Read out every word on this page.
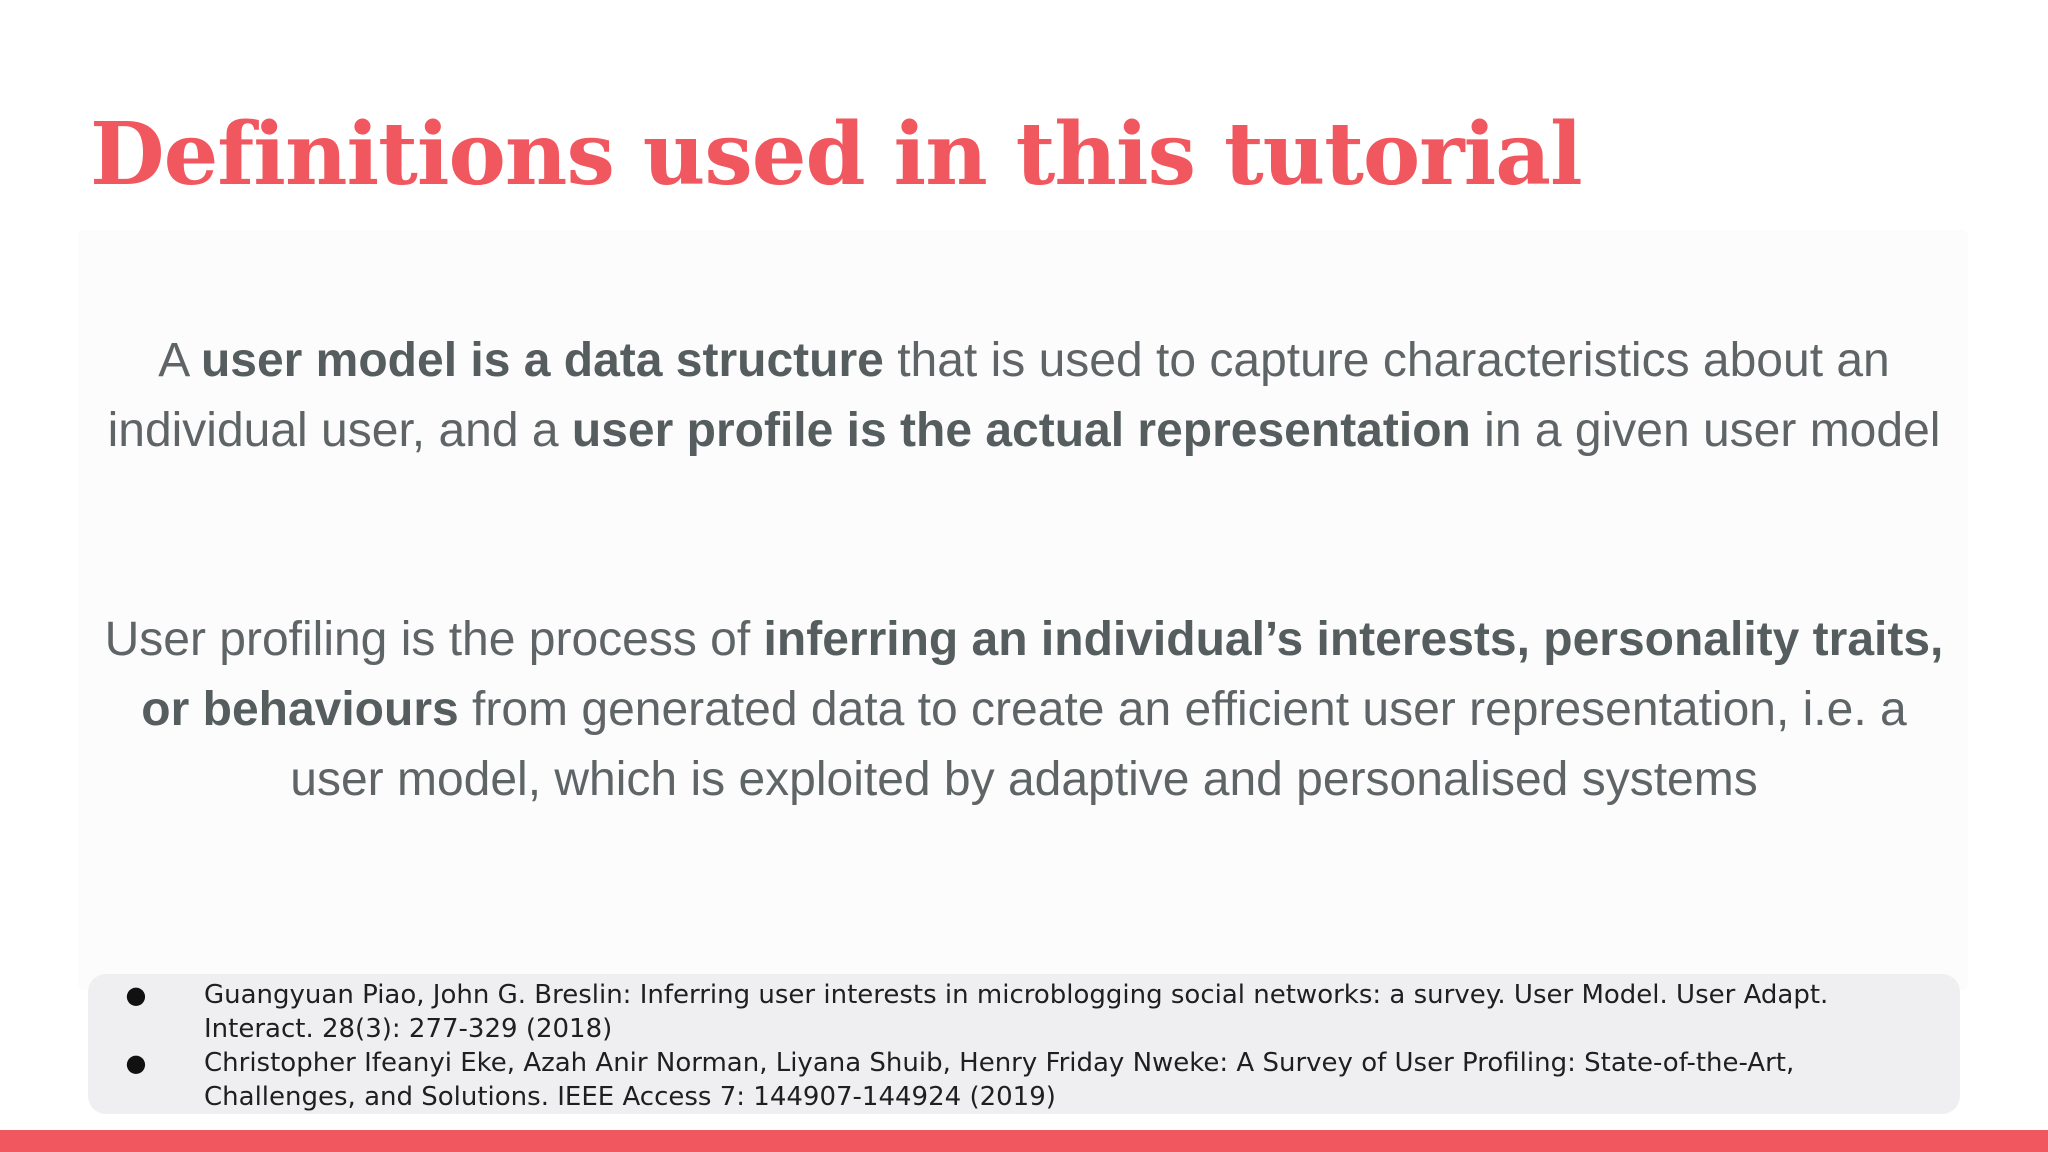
Definitions used in this tutorial

A user model is a data structure that is used to capture characteristics about an individual user, and a user profile is the actual representation in a given user model

User profiling is the process of inferring an individual’s interests, personality traits, or behaviours from generated data to create an efficient user representation, i.e. a user model, which is exploited by adaptive and personalised systems

●	Guangyuan Piao, John G. Breslin: Inferring user interests in microblogging social networks: a survey. User Model. User Adapt. Interact. 28(3): 277-329 (2018)
●	Christopher Ifeanyi Eke, Azah Anir Norman, Liyana Shuib, Henry Friday Nweke: A Survey of User Profiling: State-of-the-Art, Challenges, and Solutions. IEEE Access 7: 144907-144924 (2019)
